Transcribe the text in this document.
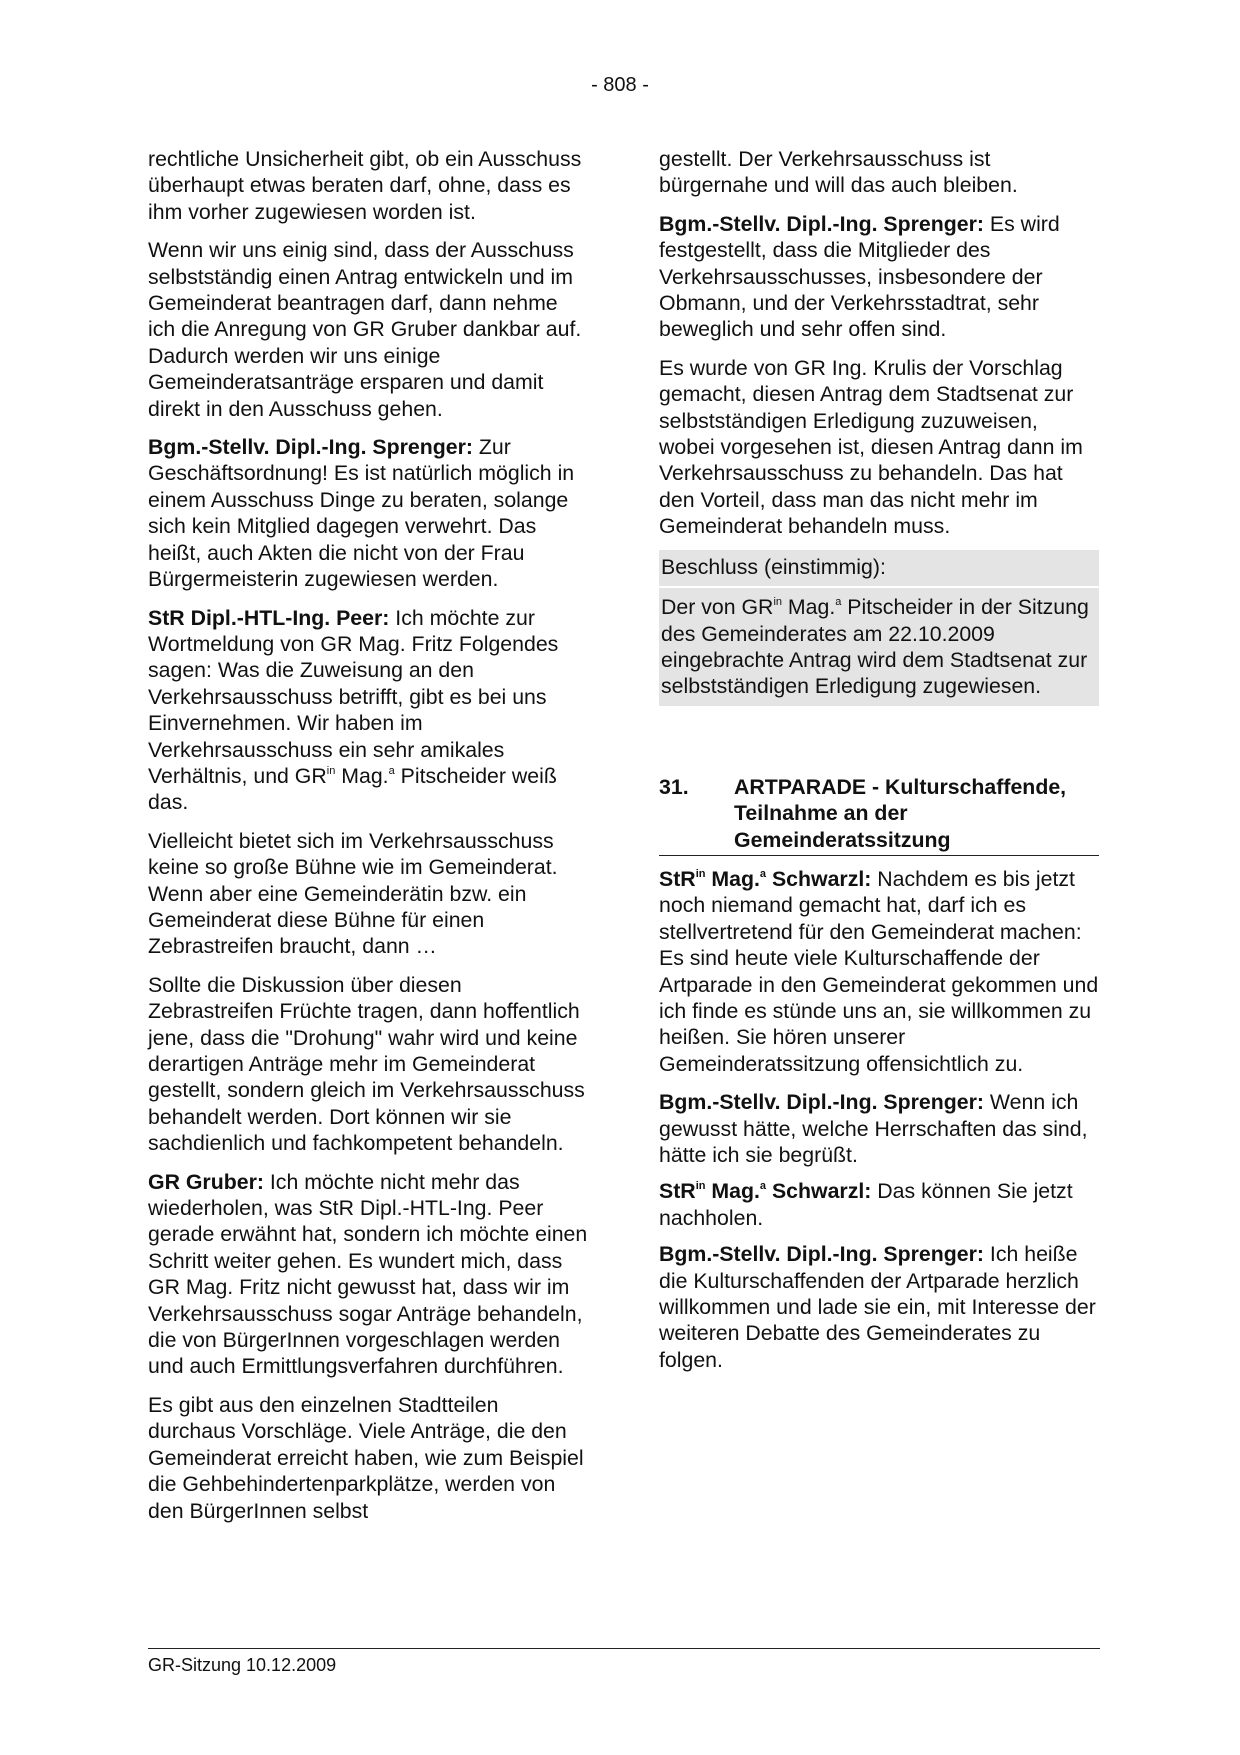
- 808 -

rechtliche Unsicherheit gibt, ob ein Ausschuss überhaupt etwas beraten darf, ohne, dass es ihm vorher zugewiesen worden ist.

Wenn wir uns einig sind, dass der Ausschuss selbstständig einen Antrag entwickeln und im Gemeinderat beantragen darf, dann nehme ich die Anregung von GR Gruber dankbar auf. Dadurch werden wir uns einige Gemeinderatsanträge ersparen und damit direkt in den Ausschuss gehen.

Bgm.-Stellv. Dipl.-Ing. Sprenger: Zur Geschäftsordnung! Es ist natürlich möglich in einem Ausschuss Dinge zu beraten, solange sich kein Mitglied dagegen verwehrt. Das heißt, auch Akten die nicht von der Frau Bürgermeisterin zugewiesen werden.

StR Dipl.-HTL-Ing. Peer: Ich möchte zur Wortmeldung von GR Mag. Fritz Folgendes sagen: Was die Zuweisung an den Verkehrsausschuss betrifft, gibt es bei uns Einvernehmen. Wir haben im Verkehrsausschuss ein sehr amikales Verhältnis, und $GR^{in}$ Mag.$^a$ Pitscheider weiß das.

Vielleicht bietet sich im Verkehrsausschuss keine so große Bühne wie im Gemeinderat. Wenn aber eine Gemeinderätin bzw. ein Gemeinderat diese Bühne für einen Zebrastreifen braucht, dann …

Sollte die Diskussion über diesen Zebrastreifen Früchte tragen, dann hoffentlich jene, dass die "Drohung" wahr wird und keine derartigen Anträge mehr im Gemeinderat gestellt, sondern gleich im Verkehrsausschuss behandelt werden. Dort können wir sie sachdienlich und fachkompetent behandeln.

GR Gruber: Ich möchte nicht mehr das wiederholen, was StR Dipl.-HTL-Ing. Peer gerade erwähnt hat, sondern ich möchte einen Schritt weiter gehen. Es wundert mich, dass GR Mag. Fritz nicht gewusst hat, dass wir im Verkehrsausschuss sogar Anträge behandeln, die von BürgerInnen vorgeschlagen werden und auch Ermittlungsverfahren durchführen.

Es gibt aus den einzelnen Stadtteilen durchaus Vorschläge. Viele Anträge, die den Gemeinderat erreicht haben, wie zum Beispiel die Gehbehindertenparkplätze, werden von den BürgerInnen selbst

gestellt. Der Verkehrsausschuss ist bürgernahe und will das auch bleiben.

Bgm.-Stellv. Dipl.-Ing. Sprenger: Es wird festgestellt, dass die Mitglieder des Verkehrsausschusses, insbesondere der Obmann, und der Verkehrsstadtrat, sehr beweglich und sehr offen sind.

Es wurde von GR Ing. Krulis der Vorschlag gemacht, diesen Antrag dem Stadtsenat zur selbstständigen Erledigung zuzuweisen, wobei vorgesehen ist, diesen Antrag dann im Verkehrsausschuss zu behandeln. Das hat den Vorteil, dass man das nicht mehr im Gemeinderat behandeln muss.

Beschluss (einstimmig):
Der von $GR^{in}$ Mag.$^a$ Pitscheider in der Sitzung des Gemeinderates am 22.10.2009 eingebrachte Antrag wird dem Stadtsenat zur selbstständigen Erledigung zugewiesen.
31.	ARTPARADE - Kulturschaffende, Teilnahme an der Gemeinderatssitzung

StR$^{in}$ Mag.$^a$ Schwarzl: Nachdem es bis jetzt noch niemand gemacht hat, darf ich es stellvertretend für den Gemeinderat machen: Es sind heute viele Kulturschaffende der Artparade in den Gemeinderat gekommen und ich finde es stünde uns an, sie willkommen zu heißen. Sie hören unserer Gemeinderatssitzung offensichtlich zu.

Bgm.-Stellv. Dipl.-Ing. Sprenger: Wenn ich gewusst hätte, welche Herrschaften das sind, hätte ich sie begrüßt.

StR$^{in}$ Mag.$^a$ Schwarzl: Das können Sie jetzt nachholen.

Bgm.-Stellv. Dipl.-Ing. Sprenger: Ich heiße die Kulturschaffenden der Artparade herzlich willkommen und lade sie ein, mit Interesse der weiteren Debatte des Gemeinderates zu folgen.

GR-Sitzung 10.12.2009
